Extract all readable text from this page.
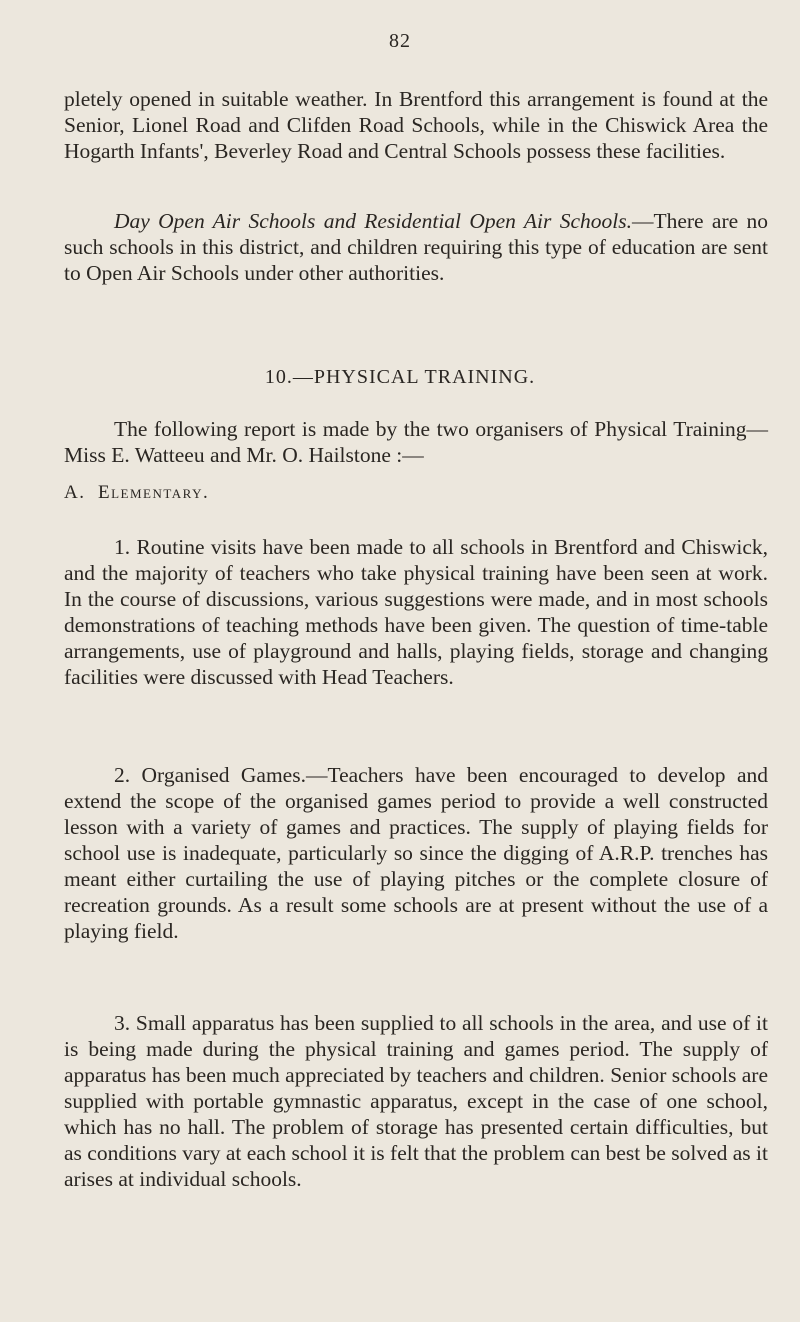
82
pletely opened in suitable weather. In Brentford this arrangement is found at the Senior, Lionel Road and Clifden Road Schools, while in the Chiswick Area the Hogarth Infants', Beverley Road and Central Schools possess these facilities.
Day Open Air Schools and Residential Open Air Schools.—There are no such schools in this district, and children requiring this type of education are sent to Open Air Schools under other authorities.
10.—PHYSICAL TRAINING.
The following report is made by the two organisers of Physical Training—Miss E. Watteeu and Mr. O. Hailstone :—
A. Elementary.
1. Routine visits have been made to all schools in Brentford and Chiswick, and the majority of teachers who take physical training have been seen at work. In the course of discussions, various suggestions were made, and in most schools demonstrations of teaching methods have been given. The question of time-table arrangements, use of playground and halls, playing fields, storage and changing facilities were discussed with Head Teachers.
2. Organised Games.—Teachers have been encouraged to develop and extend the scope of the organised games period to provide a well constructed lesson with a variety of games and practices. The supply of playing fields for school use is inadequate, particularly so since the digging of A.R.P. trenches has meant either curtailing the use of playing pitches or the complete closure of recreation grounds. As a result some schools are at present without the use of a playing field.
3. Small apparatus has been supplied to all schools in the area, and use of it is being made during the physical training and games period. The supply of apparatus has been much appreciated by teachers and children. Senior schools are supplied with portable gymnastic apparatus, except in the case of one school, which has no hall. The problem of storage has presented certain difficulties, but as conditions vary at each school it is felt that the problem can best be solved as it arises at individual schools.
